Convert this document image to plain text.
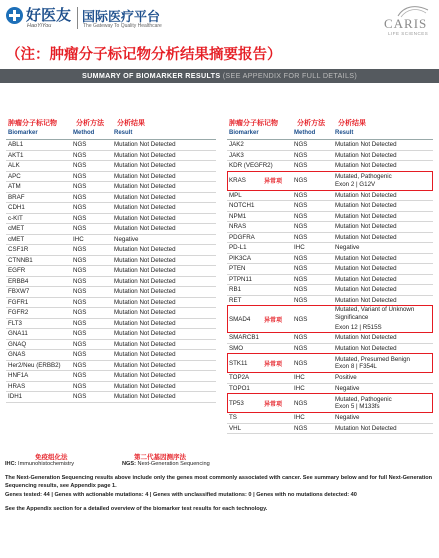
好医友
HaoYiYou
国际医疗平台
The Gateway To Quality Healthcare	CARIS
LIFE SCIENCES
（注：肿瘤分子标记物分析结果摘要报告）
SUMMARY OF BIOMARKER RESULTS (SEE APPENDIX FOR FULL DETAILS)
肿瘤分子标记物	分析方法 分析结果	肿瘤分子标记物	分析方法 分析结果
Biomarker	Method	Result
ABL1	NGS	Mutation Not Detected
AKT1	NGS	Mutation Not Detected
ALK	NGS	Mutation Not Detected
APC	NGS	Mutation Not Detected
ATM	NGS	Mutation Not Detected
BRAF	NGS	Mutation Not Detected
CDH1	NGS	Mutation Not Detected
c-KIT	NGS	Mutation Not Detected
cMET	NGS	Mutation Not Detected
cMET	IHC	Negative
CSF1R	NGS	Mutation Not Detected
CTNNB1	NGS	Mutation Not Detected
EGFR	NGS	Mutation Not Detected
ERBB4	NGS	Mutation Not Detected
FBXW7	NGS	Mutation Not Detected
FGFR1	NGS	Mutation Not Detected
FGFR2	NGS	Mutation Not Detected
FLT3	NGS	Mutation Not Detected
GNA11	NGS	Mutation Not Detected
GNAQ	NGS	Mutation Not Detected
GNAS	NGS	Mutation Not Detected
Her2/Neu (ERBB2)	NGS	Mutation Not Detected
HNF1A	NGS	Mutation Not Detected
HRAS	NGS	Mutation Not Detected
IDH1	NGS	Mutation Not Detected
Biomarker	Method	Result
JAK2	NGS	Mutation Not Detected
JAK3	NGS	Mutation Not Detected
KDR (VEGFR2)	NGS	Mutation Not Detected
KRAS	NGS
Mutated, Pathogenic
Exon 2 | G12V
异常项
MPL	NGS	Mutation Not Detected
NOTCH1	NGS	Mutation Not Detected
NPM1	NGS	Mutation Not Detected
NRAS	NGS	Mutation Not Detected
PDGFRA	NGS	Mutation Not Detected
PD-L1	IHC	Negative
PIK3CA	NGS	Mutation Not Detected
PTEN	NGS	Mutation Not Detected
PTPN11	NGS	Mutation Not Detected
RB1	NGS	Mutation Not Detected
RET	NGS	Mutation Not Detected
SMAD4	NGS
Mutated, Variant of Unknown
Significance
Exon 12 | R515S
异常项
SMARCB1	NGS	Mutation Not Detected
SMO	NGS	Mutation Not Detected
STK11	NGS
Mutated, Presumed Benign
Exon 8 | F354L
异常项
TOP2A	IHC	Positive
TOPO1	IHC	Negative
TP53	NGS
Mutated, Pathogenic
Exon 5 | M133fs
异常项
TS	IHC	Negative
VHL	NGS	Mutation Not Detected
免疫组化法	第二代基因测序法
IHC: Immunohistochemistry	NGS: Next-Generation Sequencing

The Next-Generation Sequencing results above include only the genes most commonly associated with cancer. See summary below and for full Next-Generation Sequencing results, see Appendix page 1.

Genes tested: 44 | Genes with actionable mutations: 4 | Genes with unclassified mutations: 0 | Genes with no mutations detected: 40

See the Appendix section for a detailed overview of the biomarker test results for each technology.
